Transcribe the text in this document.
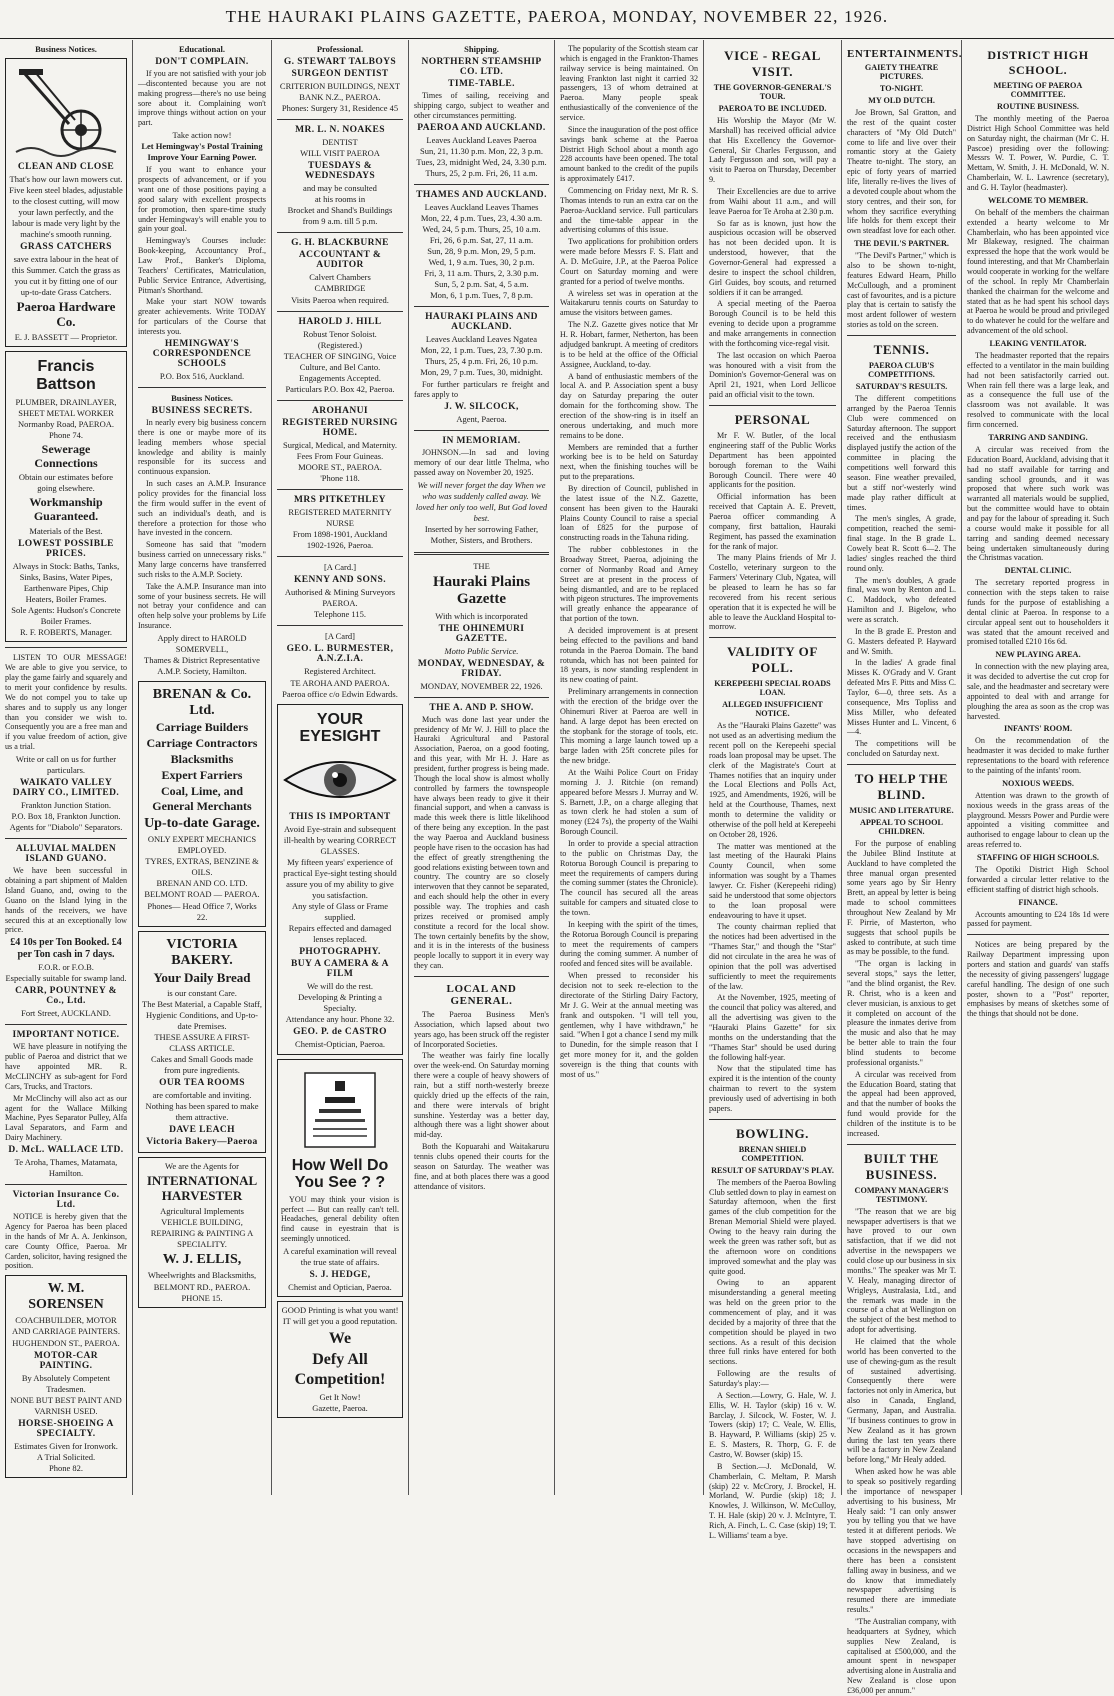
THE HAURAKI PLAINS GAZETTE, PAEROA, MONDAY, NOVEMBER 22, 1926.
Business Notices.
CLEAN AND CLOSE
That's how our lawn mowers cut. Five keen steel blades, adjustable to the closest cutting, will mow your lawn perfectly, and the labour is made very light by the machine's smooth running.
GRASS CATCHERS
save extra labour in the heat of this Summer. Catch the grass as you cut it by fitting one of our up-to-date Grass Catchers.
Paeroa Hardware Co.
E. J. BASSETT — Proprietor.
Francis Battson
PLUMBER, DRAINLAYER, SHEET METAL WORKER
Normanby Road, PAEROA. Phone 74.
Sewerage Connections
Obtain our estimates before going elsewhere.
Workmanship Guaranteed.
Materials of the Best.
LOWEST POSSIBLE PRICES.
Always in Stock: Baths, Tanks, Sinks, Basins, Water Pipes, Earthenware Pipes, Chip Heaters, Boiler Frames.
Sole Agents: Hudson's Concrete Boiler Frames.
R. F. ROBERTS, Manager.
LISTEN TO OUR MESSAGE! We are able to give you service, to play the game fairly and squarely and to merit your confidence by results. We do not compel you to take up shares and to supply us any longer than you consider we wish to. Consequently you are a free man and if you value freedom of action, give us a trial.
Write or call on us for further particulars.
WAIKATO VALLEY DAIRY CO., LIMITED.
Frankton Junction Station.
P.O. Box 18, Frankton Junction. Agents for "Diabolo" Separators.
ALLUVIAL MALDEN ISLAND GUANO.
We have been successful in obtaining a part shipment of Malden Island Guano, and, owing to the Guano on the Island lying in the hands of the receivers, we have secured this at an exceptionally low price.
£4 10s per Ton Booked. £4 per Ton cash in 7 days.
F.O.R. or F.O.B.
Especially suitable for swamp land.
CARR, POUNTNEY & Co., Ltd.
Fort Street, AUCKLAND.
IMPORTANT NOTICE.
WE have pleasure in notifying the public of Paeroa and district that we have appointed MR. R. McCLINCHY as sub-agent for Ford Cars, Trucks, and Tractors.
Mr McClinchy will also act as our agent for the Wallace Milking Machine, Pyes Separator Pulley, Alfa Laval Separators, and Farm and Dairy Machinery.
D. McL. WALLACE LTD.
Te Aroha, Thames, Matamata, Hamilton.
Victorian Insurance Co. Ltd.
NOTICE is hereby given that the Agency for Paeroa has been placed in the hands of Mr A. A. Jenkinson, care County Office, Paeroa. Mr Carden, solicitor, having resigned the position.
W. M. SORENSEN
COACHBUILDER, MOTOR AND CARRIAGE PAINTERS. HUGHENDON ST., PAEROA.
MOTOR-CAR PAINTING.
By Absolutely Competent Tradesmen.
NONE BUT BEST PAINT AND VARNISH USED.
HORSE-SHOEING A SPECIALTY.
Estimates Given for Ironwork.
A Trial Solicited.
Phone 82.
Educational.
DON'T COMPLAIN.
If you are not satisfied with your job—discontented because you are not making progress—there's no use being sore about it. Complaining won't improve things without action on your part.
Take action now!
Let Hemingway's Postal Training Improve Your Earning Power.
If you want to enhance your prospects of advancement, or if you want one of those positions paying a good salary with excellent prospects for promotion, then spare-time study under Hemingway's will enable you to gain your goal.
Hemingway's Courses include: Book-keeping, Accountancy Prof., Law Prof., Banker's Diploma, Teachers' Certificates, Matriculation, Public Service Entrance, Advertising, Pitman's Shorthand.
Make your start NOW towards greater achievements. Write TODAY for particulars of the Course that interests you.
HEMINGWAY'S CORRESPONDENCE SCHOOLS
P.O. Box 516, Auckland.
Business Notices.
BUSINESS SECRETS.
In nearly every big business concern there is one or maybe more of its leading members whose special knowledge and ability is mainly responsible for its success and continuous expansion.
In such cases an A.M.P. Insurance policy provides for the financial loss the firm would suffer in the event of such an individual's death, and is therefore a protection for those who have invested in the concern.
Someone has said that "modern business carried on unnecessary risks." Many large concerns have transferred such risks to the A.M.P. Society.
Take the A.M.P. Insurance man into some of your business secrets. He will not betray your confidence and can often help solve your problems by Life Insurance.
Apply direct to HAROLD SOMERVELL,
Thames & District Representative A.M.P. Society, Hamilton.
BRENAN & Co. Ltd.
Carriage Builders
Carriage Contractors
Blacksmiths
Expert Farriers
Coal, Lime, and
General Merchants
Up-to-date Garage.
ONLY EXPERT MECHANICS EMPLOYED.
TYRES, EXTRAS, BENZINE & OILS.
BRENAN AND CO. LTD.
BELMONT ROAD — PAEROA.
Phones— Head Office 7, Works 22.
VICTORIA BAKERY.
Your Daily Bread
is our constant Care.
The Best Material, a Capable Staff, Hygienic Conditions, and Up-to-date Premises.
THESE ASSURE A FIRST-CLASS ARTICLE.
Cakes and Small Goods made from pure ingredients.
OUR TEA ROOMS
are comfortable and inviting. Nothing has been spared to make them attractive.
DAVE LEACH
Victoria Bakery—Paeroa
We are the Agents for
INTERNATIONAL HARVESTER
Agricultural Implements
VEHICLE BUILDING, REPAIRING & PAINTING A SPECIALITY.
W. J. ELLIS,
Wheelwrights and Blacksmiths,
BELMONT RD., PAEROA.
PHONE 15.
Professional.
G. STEWART TALBOYS
SURGEON DENTIST
CRITERION BUILDINGS, NEXT BANK N.Z., PAEROA.
Phones: Surgery 31, Residence 45
MR. L. N. NOAKES
DENTIST
WILL VISIT PAEROA
TUESDAYS & WEDNESDAYS
and may be consulted
at his rooms in
Brocket and Shand's Buildings
from 9 a.m. till 5 p.m.
G. H. BLACKBURNE
ACCOUNTANT & AUDITOR
Calvert Chambers
CAMBRIDGE
Visits Paeroa when required.
HAROLD J. HILL
Robust Tenor Soloist.
(Registered.)
TEACHER OF SINGING, Voice Culture, and Bel Canto.
Engagements Accepted.
Particulars P.O. Box 42, Paeroa.
AROHANUI
REGISTERED NURSING HOME.
Surgical, Medical, and Maternity.
Fees From Four Guineas.
MOORE ST., PAEROA.
'Phone 118.
MRS PITKETHLEY
REGISTERED MATERNITY NURSE
From 1898-1901, Auckland
1902-1926, Paeroa.
[A Card.]
KENNY AND SONS.
Authorised & Mining Surveyors
PAEROA.
Telephone 115.
[A Card]
GEO. L. BURMESTER, A.N.Z.I.A.
Registered Architect.
TE AROHA AND PAEROA.
Paeroa office c/o Edwin Edwards.
YOUR EYESIGHT
THIS IS IMPORTANT
Avoid Eye-strain and subsequent ill-health by wearing CORRECT GLASSES.
My fifteen years' experience of practical Eye-sight testing should assure you of my ability to give you satisfaction.
Any style of Glass or Frame supplied.
Repairs effected and damaged lenses replaced.
PHOTOGRAPHY.
BUY A CAMERA & A FILM
We will do the rest.
Developing & Printing a Specialty.
Attendance any hour. Phone 32.
GEO. P. de CASTRO
Chemist-Optician, Paeroa.
How Well Do You See ? ?
YOU may think your vision is perfect — But can really can't tell. Headaches, general debility often find cause in eyestrain that is seemingly unnoticed.
A careful examination will reveal the true state of affairs.
S. J. HEDGE,
Chemist and Optician, Paeroa.
GOOD Printing is what you want!
IT will get you a good reputation.
We
Defy All
Competition!
Get It Now!
Gazette, Paeroa.
Shipping.
NORTHERN STEAMSHIP CO. LTD.
TIME-TABLE.
Times of sailing, receiving and shipping cargo, subject to weather and other circumstances permitting.
PAEROA AND AUCKLAND.
Leaves Auckland Leaves Paeroa
Sun, 21, 11.30 p.m. Mon, 22, 3 p.m.
Tues, 23, midnight Wed, 24, 3.30 p.m.
Thurs, 25, 2 p.m. Fri, 26, 11 a.m.
THAMES AND AUCKLAND.
Leaves Auckland Leaves Thames
Mon, 22, 4 p.m. Tues, 23, 4.30 a.m.
Wed, 24, 5 p.m. Thurs, 25, 10 a.m.
Fri, 26, 6 p.m. Sat, 27, 11 a.m.
Sun, 28, 9 p.m. Mon, 29, 5 p.m.
Wed, 1, 9 a.m. Tues, 30, 2 p.m.
Fri, 3, 11 a.m. Thurs, 2, 3.30 p.m.
Sun, 5, 2 p.m. Sat, 4, 5 a.m.
Mon, 6, 1 p.m. Tues, 7, 8 p.m.
HAURAKI PLAINS AND AUCKLAND.
Leaves Auckland Leaves Ngatea
Mon, 22, 1 p.m. Tues, 23, 7.30 p.m.
Thurs, 25, 4 p.m. Fri, 26, 10 p.m.
Mon, 29, 7 p.m. Tues, 30, midnight.
For further particulars re freight and fares apply to
J. W. SILCOCK,
Agent, Paeroa.
IN MEMORIAM.
JOHNSON.—In sad and loving memory of our dear little Thelma, who passed away on November 20, 1925.
We will never forget the day When we who was suddenly called away. We loved her only too well, But God loved best.
Inserted by her sorrowing Father, Mother, Sisters, and Brothers.
THE
Hauraki Plains Gazette
With which is incorporated
THE OHINEMURI GAZETTE.
Motto Public Service.
MONDAY, WEDNESDAY, & FRIDAY.
MONDAY, NOVEMBER 22, 1926.
THE A. AND P. SHOW.
Much was done last year under the presidency of Mr W. J. Hill to place the Hauraki Agricultural and Pastoral Association, Paeroa, on a good footing, and this year, with Mr H. J. Hare as president, further progress is being made. Though the local show is almost wholly controlled by farmers the townspeople have always been ready to give it their financial support, and when a canvass is made this week there is little likelihood of there being any exception. In the past the way Paeroa and Auckland business people have risen to the occasion has had the effect of greatly strengthening the good relations existing between town and country. The country are so closely interwoven that they cannot be separated, and each should help the other in every possible way. The trophies and cash prizes received or promised amply constitute a record for the local show. The town certainly benefits by the show, and it is in the interests of the business people locally to support it in every way they can.
LOCAL AND GENERAL.
The Paeroa Business Men's Association, which lapsed about two years ago, has been struck off the register of Incorporated Societies.
The weather was fairly fine locally over the week-end. On Saturday morning there were a couple of heavy showers of rain, but a stiff north-westerly breeze quickly dried up the effects of the rain, and there were intervals of bright sunshine. Yesterday was a better day, although there was a light shower about mid-day.
Both the Kopuarahi and Waitakaruru tennis clubs opened their courts for the season on Saturday. The weather was fine, and at both places there was a good attendance of visitors.
The popularity of the Scottish steam car which is engaged in the Frankton-Thames railway service is being maintained. On leaving Frankton last night it carried 32 passengers, 13 of whom detrained at Paeroa. Many people speak enthusiastically of the convenience of the service.
Since the inauguration of the post office savings bank scheme at the Paeroa District High School about a month ago 228 accounts have been opened. The total amount banked to the credit of the pupils is approximately £417.
Commencing on Friday next, Mr R. S. Thomas intends to run an extra car on the Paeroa-Auckland service. Full particulars and the time-table appear in the advertising columns of this issue.
Two applications for prohibition orders were made before Messrs F. S. Flatt and A. D. McGuire, J.P., at the Paeroa Police Court on Saturday morning and were granted for a period of twelve months.
A wireless set was in operation at the Waitakaruru tennis courts on Saturday to amuse the visitors between games.
The N.Z. Gazette gives notice that Mr H. R. Hobart, farmer, Netherton, has been adjudged bankrupt. A meeting of creditors is to be held at the office of the Official Assignee, Auckland, to-day.
A band of enthusiastic members of the local A. and P. Association spent a busy day on Saturday preparing the outer domain for the forthcoming show. The erection of the show-ring is in itself an onerous undertaking, and much more remains to be done.
Members are reminded that a further working bee is to be held on Saturday next, when the finishing touches will be put to the preparations.
By direction of Council, published in the latest issue of the N.Z. Gazette, consent has been given to the Hauraki Plains County Council to raise a special loan of £825 for the purpose of constructing roads in the Tahuna riding.
The rubber cobblestones in the Broadway Street, Paeroa, adjoining the corner of Normanby Road and Arney Street are at present in the process of being dismantled, and are to be replaced with pigeon structures. The improvements will greatly enhance the appearance of that portion of the town.
A decided improvement is at present being effected to the pavilions and band rotunda in the Paeroa Domain. The band rotunda, which has not been painted for 18 years, is now standing resplendent in its new coating of paint.
Preliminary arrangements in connection with the erection of the bridge over the Ohinemuri River at Paeroa are well in hand. A large depot has been erected on the stopbank for the storage of tools, etc. This morning a large launch towed up a barge laden with 25ft concrete piles for the new bridge.
At the Waihi Police Court on Friday morning J. J. Ritchie (on remand) appeared before Messrs J. Murray and W. S. Barnett, J.P., on a charge alleging that as town clerk he had stolen a sum of money (£24 7s), the property of the Waihi Borough Council.
In order to provide a special attraction to the public on Christmas Day, the Rotorua Borough Council is preparing to meet the requirements of campers during the coming summer (states the Chronicle). The council has secured all the areas suitable for campers and situated close to the town.
In keeping with the spirit of the times, the Rotorua Borough Council is preparing to meet the requirements of campers during the coming summer. A number of roofed and fenced sites will be available.
When pressed to reconsider his decision not to seek re-election to the directorate of the Stirling Dairy Factory, Mr J. G. Weir at the annual meeting was frank and outspoken. "I will tell you, gentlemen, why I have withdrawn," he said. "When I got a chance I send my milk to Dunedin, for the simple reason that I get more money for it, and the golden sovereign is the thing that counts with most of us."
VICE - REGAL VISIT.
THE GOVERNOR-GENERAL'S TOUR.
PAEROA TO BE INCLUDED.
His Worship the Mayor (Mr W. Marshall) has received official advice that His Excellency the Governor-General, Sir Charles Fergusson, and Lady Fergusson and son, will pay a visit to Paeroa on Thursday, December 9.
Their Excellencies are due to arrive from Waihi about 11 a.m., and will leave Paeroa for Te Aroha at 2.30 p.m.
So far as is known, just how the auspicious occasion will be observed has not been decided upon. It is understood, however, that the Governor-General had expressed a desire to inspect the school children, Girl Guides, boy scouts, and returned soldiers if it can be arranged.
A special meeting of the Paeroa Borough Council is to be held this evening to decide upon a programme and make arrangements in connection with the forthcoming vice-regal visit.
The last occasion on which Paeroa was honoured with a visit from the Dominion's Governor-General was on April 21, 1921, when Lord Jellicoe paid an official visit to the town.
PERSONAL
Mr F. W. Butler, of the local engineering staff of the Public Works Department has been appointed borough foreman to the Waihi Borough Council. There were 40 applicants for the position.
Official information has been received that Captain A. E. Prevett, Paeroa officer commanding A company, first battalion, Hauraki Regiment, has passed the examination for the rank of major.
The many Plains friends of Mr J. Costello, veterinary surgeon to the Farmers' Veterinary Club, Ngatea, will be pleased to learn he has so far recovered from his recent serious operation that it is expected he will be able to leave the Auckland Hospital to-morrow.
VALIDITY OF POLL.
KEREPEEHI SPECIAL ROADS LOAN.
ALLEGED INSUFFICIENT NOTICE.
As the "Hauraki Plains Gazette" was not used as an advertising medium the recent poll on the Kerepeehi special roads loan proposal may be upset. The clerk of the Magistrate's Court at Thames notifies that an inquiry under the Local Elections and Polls Act, 1925, and Amendments, 1926, will be held at the Courthouse, Thames, next month to determine the validity or otherwise of the poll held at Kerepeehi on October 28, 1926.
The matter was mentioned at the last meeting of the Hauraki Plains County Council, when some information was sought by a Thames lawyer. Cr. Fisher (Kerepeehi riding) said he understood that some objectors to the loan proposal were endeavouring to have it upset.
The county chairman replied that the notices had been advertised in the "Thames Star," and though the "Star" did not circulate in the area he was of opinion that the poll was advertised sufficiently to meet the requirements of the law.
At the November, 1925, meeting of the council that policy was altered, and all the advertising was given to the "Hauraki Plains Gazette" for six months on the understanding that the "Thames Star" should be used during the following half-year.
Now that the stipulated time has expired it is the intention of the county chairman to revert to the system previously used of advertising in both papers.
BOWLING.
BRENAN SHIELD COMPETITION.
RESULT OF SATURDAY'S PLAY.
The members of the Paeroa Bowling Club settled down to play in earnest on Saturday afternoon, when the first games of the club competition for the Brenan Memorial Shield were played. Owing to the heavy rain during the week the green was rather soft, but as the afternoon wore on conditions improved somewhat and the play was quite good.
Owing to an apparent misunderstanding a general meeting was held on the green prior to the commencement of play, and it was decided by a majority of three that the competition should be played in two sections. As a result of this decision three full rinks have entered for both sections.
Following are the results of Saturday's play:—
A Section.—Lowry, G. Hale, W. J. Ellis, W. H. Taylor (skip) 16 v. W. Barclay, J. Silcock, W. Foster, W. J. Towers (skip) 17; C. Veale, W. Ellis, B. Hayward, P. Williams (skip) 25 v. E. S. Masters, R. Thorp, G. F. de Castro, W. Bowser (skip) 15.
B Section.—J. McDonald, W. Chamberlain, C. Meltam, P. Marsh (skip) 22 v. McCrory, J. Brockel, H. Morland, W. Purdie (skip) 18; J. Knowles, J. Wilkinson, W. McCulloy, T. H. Hale (skip) 20 v. J. McIntyre, T. Rich, A. Finch, L. C. Case (skip) 19; T. L. Williams' team a bye.
ENTERTAINMENTS.
GAIETY THEATRE PICTURES.
TO-NIGHT.
MY OLD DUTCH.
Joe Brown, Sal Gratton, and the rest of the quaint coster characters of "My Old Dutch" come to life and live over their romantic story at the Gaiety Theatre to-night. The story, an epic of forty years of married life, literally re-lives the lives of a devoted couple about whom the story centres, and their son, for whom they sacrifice everything life holds for them except their own steadfast love for each other.
THE DEVIL'S PARTNER.
"The Devil's Partner," which is also to be shown to-night, features Edward Hearn, Phillo McCullough, and a prominent cast of favourites, and is a picture play that is certain to satisfy the most ardent follower of western stories as told on the screen.
TENNIS.
PAEROA CLUB'S COMPETITIONS.
SATURDAY'S RESULTS.
The different competitions arranged by the Paeroa Tennis Club were commenced on Saturday afternoon. The support received and the enthusiasm displayed justify the action of the committee in placing the competitions well forward this season. Fine weather prevailed, but a stiff nor'-westerly wind made play rather difficult at times.
The men's singles, A grade, competition, reached the semi-final stage. In the B grade L. Cowely beat R. Scott 6—2. The ladies' singles reached the third round only.
The men's doubles, A grade final, was won by Renton and L. C. Maddock, who defeated Hamilton and J. Bigelow, who were as scratch.
In the B grade E. Preston and G. Masters defeated P. Hayward and W. Smith.
In the ladies' A grade final Misses K. O'Grady and V. Grant defeated Mrs F. Pitts and Miss C. Taylor, 6—0, three sets. As a consequence, Mrs Topliss and Miss Miller, who defeated Misses Hunter and L. Vincent, 6—4.
The competitions will be concluded on Saturday next.
TO HELP THE BLIND.
MUSIC AND LITERATURE.
APPEAL TO SCHOOL CHILDREN.
For the purpose of enabling the Jubilee Blind Institute at Auckland to have completed the three manual organ presented some years ago by Sir Henry Brett, an appeal by letter is being made to school committees throughout New Zealand by Mr F. Pirrie, of Masterton, who suggests that school pupils be asked to contribute, at such time as may be possible, to the fund.
"The organ is lacking in several stops," says the letter, "and the blind organist, the Rev. R. Christ, who is a keen and clever musician, is anxious to get it completed on account of the pleasure the inmates derive from the music and also that he may be better able to train the four blind students to become professional organists."
A circular was received from the Education Board, stating that the appeal had been approved, and that the number of books the fund would provide for the children of the institute is to be increased.
BUILT THE BUSINESS.
COMPANY MANAGER'S TESTIMONY.
"The reason that we are big newspaper advertisers is that we have proved to our own satisfaction, that if we did not advertise in the newspapers we could close up our business in six months." The speaker was Mr T. V. Healy, managing director of Wrigleys, Australasia, Ltd., and the remark was made in the course of a chat at Wellington on the subject of the best method to adopt for advertising.
He claimed that the whole world has been converted to the use of chewing-gum as the result of sustained advertising. Consequently there were factories not only in America, but also in Canada, England, Germany, Japan, and Australia. "If business continues to grow in New Zealand as it has grown during the last ten years there will be a factory in New Zealand before long," Mr Healy added.
When asked how he was able to speak so positively regarding the importance of newspaper advertising to his business, Mr Healy said: "I can only answer you by telling you that we have tested it at different periods. We have stopped advertising on occasions in the newspapers and there has been a consistent falling away in business, and we do know that immediately newspaper advertising is resumed there are immediate results."
"The Australian company, with headquarters at Sydney, which supplies New Zealand, is capitalised at £500,000, and the amount spent in newspaper advertising alone in Australia and New Zealand is close upon £36,000 per annum."
DISTRICT HIGH SCHOOL.
MEETING OF PAEROA COMMITTEE.
ROUTINE BUSINESS.
The monthly meeting of the Paeroa District High School Committee was held on Saturday night, the chairman (Mr C. H. Pascoe) presiding over the following: Messrs W. T. Power, W. Purdie, C. T. Mettam, W. Smith, J. H. McDonald, W. N. Chamberlain, W. L. Lawrence (secretary), and G. H. Taylor (headmaster).
WELCOME TO MEMBER.
On behalf of the members the chairman extended a hearty welcome to Mr Chamberlain, who has been appointed vice Mr Blakeway, resigned. The chairman expressed the hope that the work would be found interesting, and that Mr Chamberlain would cooperate in working for the welfare of the school. In reply Mr Chamberlain thanked the chairman for the welcome and stated that as he had spent his school days at Paeroa he would be proud and privileged to do whatever he could for the welfare and advancement of the old school.
LEAKING VENTILATOR.
The headmaster reported that the repairs effected to a ventilator in the main building had not been satisfactorily carried out. When rain fell there was a large leak, and as a consequence the full use of the classroom was not available. It was resolved to communicate with the local firm concerned.
TARRING AND SANDING.
A circular was received from the Education Board, Auckland, advising that it had no staff available for tarring and sanding school grounds, and it was proposed that where such work was warranted all materials would be supplied, but the committee would have to obtain and pay for the labour of spreading it. Such a course would make it possible for all tarring and sanding deemed necessary being undertaken simultaneously during the Christmas vacation.
DENTAL CLINIC.
The secretary reported progress in connection with the steps taken to raise funds for the purpose of establishing a dental clinic at Paeroa. In response to a circular appeal sent out to householders it was stated that the amount received and promised totalled £210 16s 6d.
NEW PLAYING AREA.
In connection with the new playing area, it was decided to advertise the cut crop for sale, and the headmaster and secretary were appointed to deal with and arrange for ploughing the area as soon as the crop was harvested.
INFANTS' ROOM.
On the recommendation of the headmaster it was decided to make further representations to the board with reference to the painting of the infants' room.
NOXIOUS WEEDS.
Attention was drawn to the growth of noxious weeds in the grass areas of the playground. Messrs Power and Purdie were appointed a visiting committee and authorised to engage labour to clean up the areas referred to.
STAFFING OF HIGH SCHOOLS.
The Opotiki District High School forwarded a circular letter relative to the efficient staffing of district high schools.
FINANCE.
Accounts amounting to £24 18s 1d were passed for payment.
Notices are being prepared by the Railway Department impressing upon porters and station and guards' van staffs the necessity of giving passengers' luggage careful handling. The design of one such poster, shown to a "Post" reporter, emphasises by means of sketches some of the things that should not be done.
